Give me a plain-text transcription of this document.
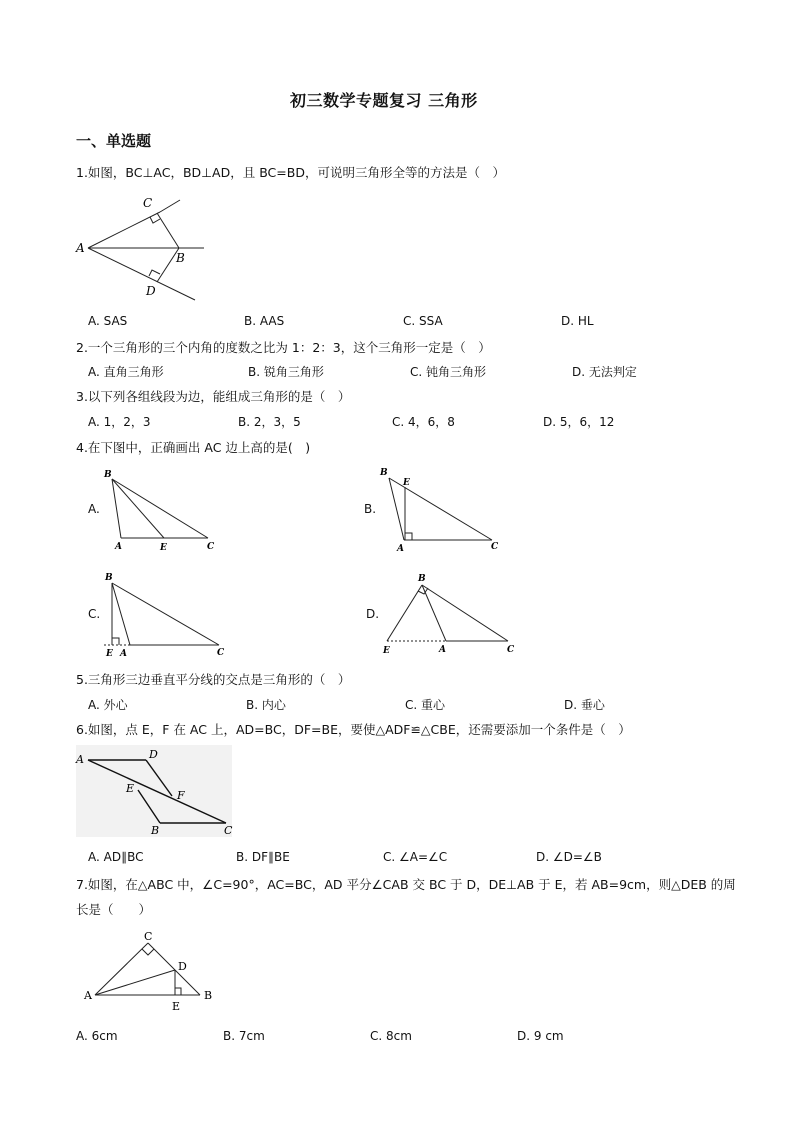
初三数学专题复习 三角形
一、单选题
1.如图，BC⊥AC，BD⊥AD，且 BC=BD，可说明三角形全等的方法是（　）
C
A
B
D
A. SAS	B. AAS	C. SSA	D. HL
2.一个三角形的三个内角的度数之比为 1：2：3，这个三角形一定是（　）
A. 直角三角形	B. 锐角三角形	C. 钝角三角形	D. 无法判定
3.以下列各组线段为边，能组成三角形的是（　）
A. 1，2，3	B. 2，3，5	C. 4，6，8	D. 5，6，12
4.在下图中，正确画出 AC 边上高的是(　)
A.	B.
C.	D.
B
A	E	C
B
E
A	C
B
E A	C
B
E	A	C
5.三角形三边垂直平分线的交点是三角形的（　）
A. 外心	B. 内心	C. 重心	D. 垂心
6.如图，点 E，F 在 AC 上，AD=BC，DF=BE，要使△ADF≌△CBE，还需要添加一个条件是（　）
A	D
E
F
B	C
A. AD∥BC	B. DF∥BE	C. ∠A=∠C	D. ∠D=∠B
7.如图，在△ABC 中，∠C=90°，AC=BC，AD 平分∠CAB 交 BC 于 D，DE⊥AB 于 E，若 AB=9cm，则△DEB 的周
长是（　　）
C
D
A
E
B
A. 6cm	B. 7cm	C. 8cm	D. 9 cm
